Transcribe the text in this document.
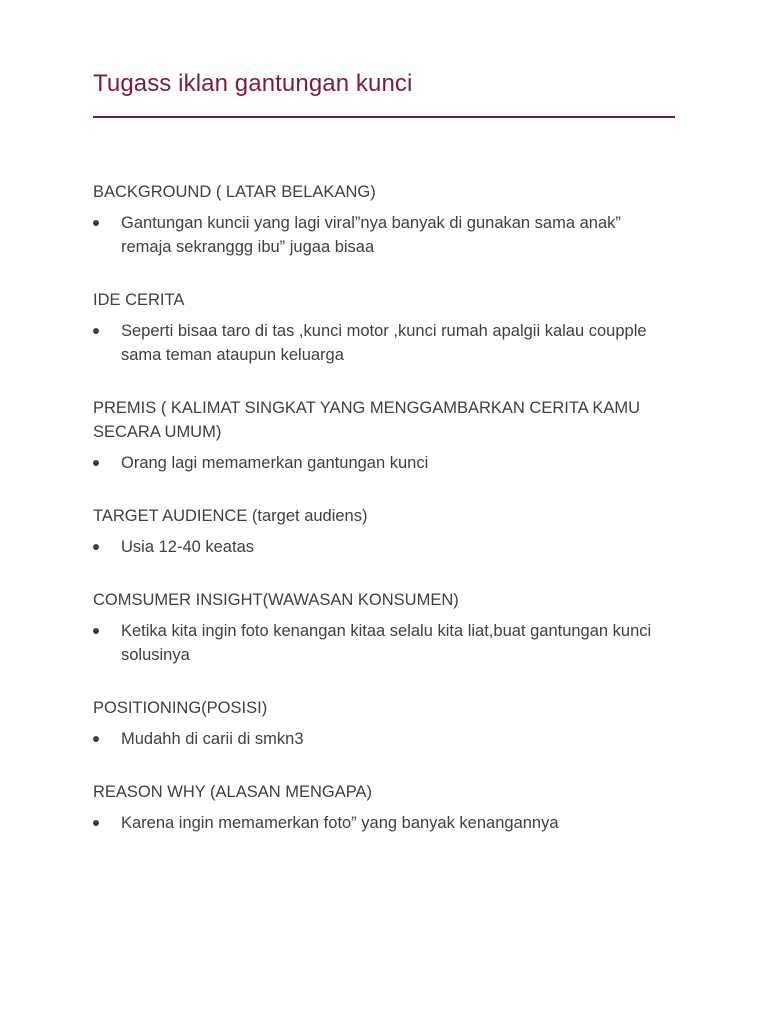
Tugass iklan gantungan kunci
BACKGROUND ( LATAR BELAKANG)
Gantungan kuncii yang lagi viral”nya banyak di gunakan sama anak” remaja sekranggg ibu” jugaa bisaa
IDE CERITA
Seperti bisaa taro di tas ,kunci motor ,kunci rumah apalgii kalau coupple sama teman ataupun keluarga
PREMIS ( KALIMAT SINGKAT YANG MENGGAMBARKAN CERITA KAMU SECARA UMUM)
Orang lagi memamerkan gantungan kunci
TARGET AUDIENCE (target audiens)
Usia 12-40 keatas
COMSUMER INSIGHT(WAWASAN KONSUMEN)
Ketika kita ingin foto kenangan kitaa selalu kita liat,buat gantungan kunci solusinya
POSITIONING(POSISI)
Mudahh di carii di smkn3
REASON WHY (ALASAN MENGAPA)
Karena ingin memamerkan foto” yang banyak kenangannya
